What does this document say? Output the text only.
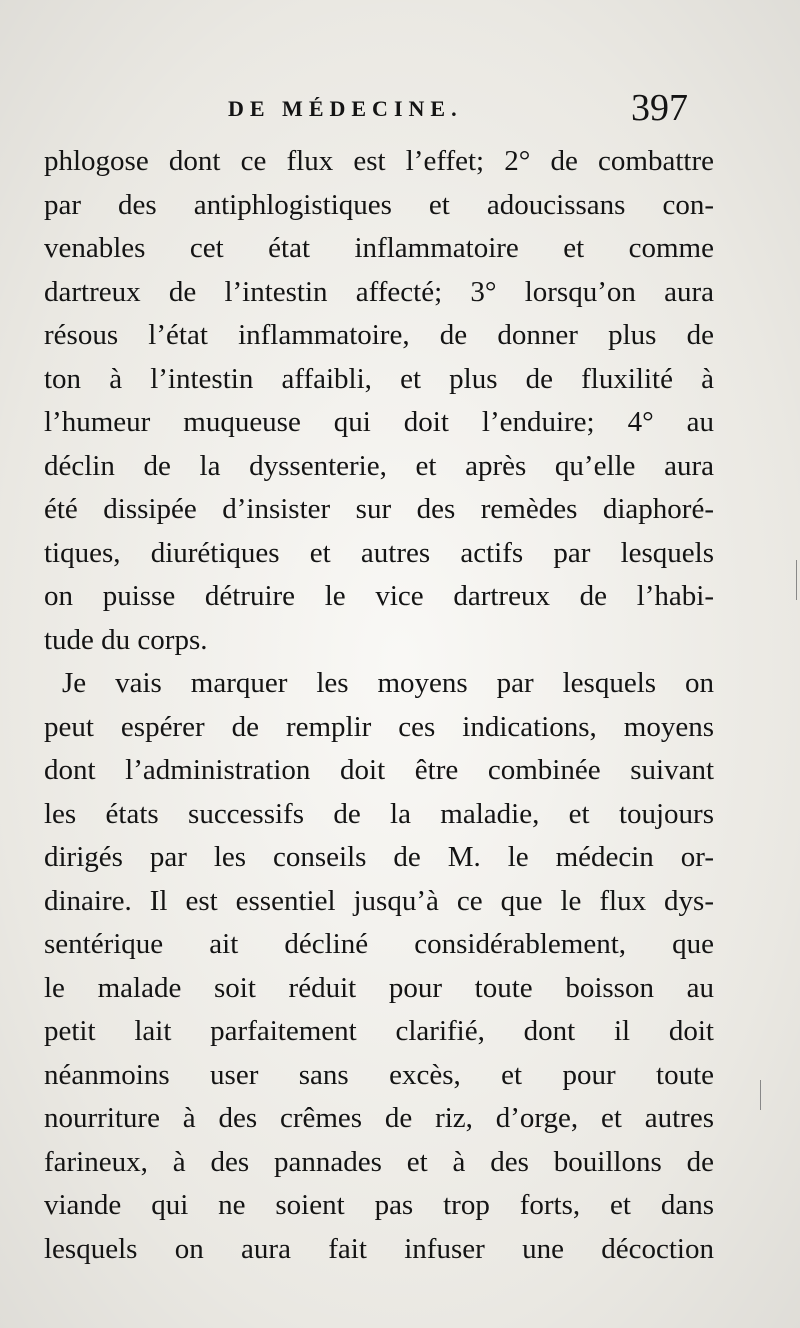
DE MÉDECINE.	397
phlogose dont ce flux est l’effet; 2° de combattre
par des antiphlogistiques et adoucissans con-
venables cet état inflammatoire et comme
dartreux de l’intestin affecté; 3° lorsqu’on aura
résous l’état inflammatoire, de donner plus de
ton à l’intestin affaibli, et plus de fluxilité à
l’humeur muqueuse qui doit l’enduire; 4° au
déclin de la dyssenterie, et après qu’elle aura
été dissipée d’insister sur des remèdes diaphoré-
tiques, diurétiques et autres actifs par lesquels
on puisse détruire le vice dartreux de l’habi-
tude du corps.
Je vais marquer les moyens par lesquels on
peut espérer de remplir ces indications, moyens
dont l’administration doit être combinée suivant
les états successifs de la maladie, et toujours
dirigés par les conseils de M. le médecin or-
dinaire. Il est essentiel jusqu’à ce que le flux dys-
sentérique ait décliné considérablement, que
le malade soit réduit pour toute boisson au
petit lait parfaitement clarifié, dont il doit
néanmoins user sans excès, et pour toute
nourriture à des crêmes de riz, d’orge, et autres
farineux, à des pannades et à des bouillons de
viande qui ne soient pas trop forts, et dans
lesquels on aura fait infuser une décoction
